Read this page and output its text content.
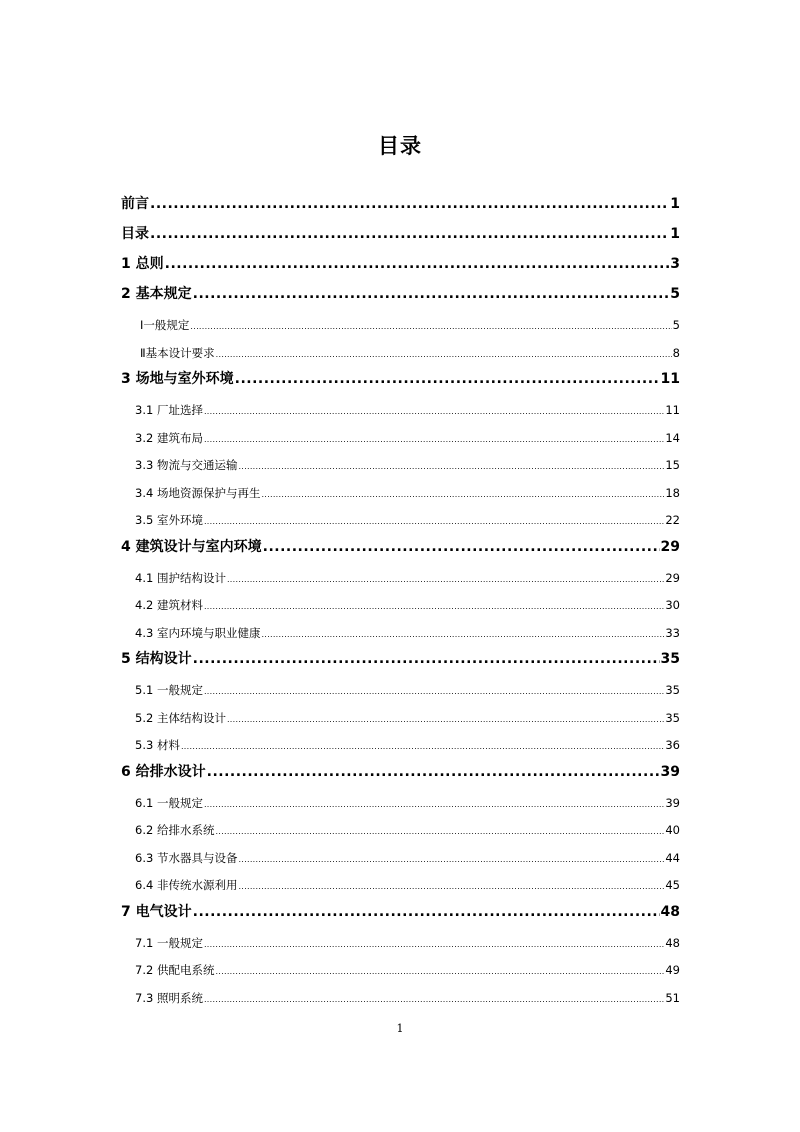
目录
前言 .....	1
目录 .....	1
1 总则 .....	3
2 基本规定 .....	5
Ⅰ一般规定 .....	5
Ⅱ基本设计要求 .....	8
3 场地与室外环境 .....	11
3.1 厂址选择 .....	11
3.2 建筑布局 .....	14
3.3 物流与交通运输 .....	15
3.4 场地资源保护与再生 .....	18
3.5 室外环境 .....	22
4 建筑设计与室内环境 .....	29
4.1 围护结构设计 .....	29
4.2 建筑材料 .....	30
4.3 室内环境与职业健康 .....	33
5 结构设计 .....	35
5.1 一般规定 .....	35
5.2 主体结构设计 .....	35
5.3 材料 .....	36
6 给排水设计 .....	39
6.1 一般规定 .....	39
6.2 给排水系统 .....	40
6.3 节水器具与设备 .....	44
6.4 非传统水源利用 .....	45
7 电气设计 .....	48
7.1 一般规定 .....	48
7.2 供配电系统 .....	49
7.3 照明系统 .....	51
1
